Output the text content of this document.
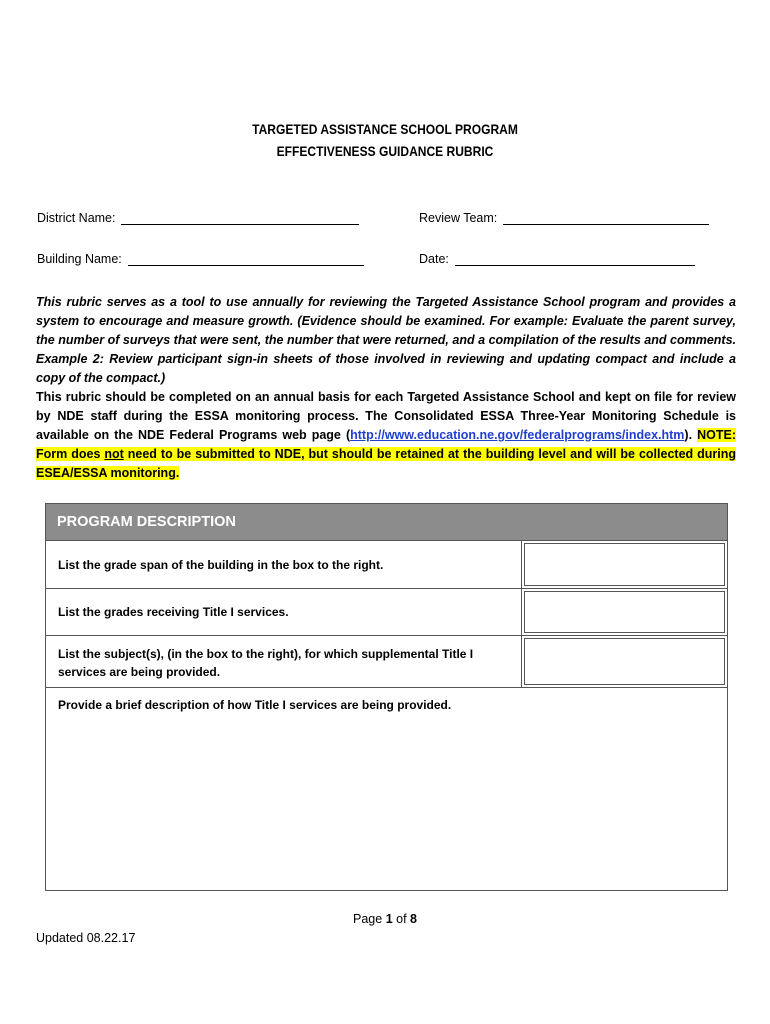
TARGETED ASSISTANCE SCHOOL PROGRAM
EFFECTIVENESS GUIDANCE RUBRIC
District Name:	Review Team:
Building Name:	Date:
This rubric serves as a tool to use annually for reviewing the Targeted Assistance School program and provides a system to encourage and measure growth. (Evidence should be examined. For example: Evaluate the parent survey, the number of surveys that were sent, the number that were returned, and a compilation of the results and comments. Example 2: Review participant sign-in sheets of those involved in reviewing and updating compact and include a copy of the compact.)
This rubric should be completed on an annual basis for each Targeted Assistance School and kept on file for review by NDE staff during the ESSA monitoring process. The Consolidated ESSA Three-Year Monitoring Schedule is available on the NDE Federal Programs web page (http://www.education.ne.gov/federalprograms/index.htm). NOTE: Form does not need to be submitted to NDE, but should be retained at the building level and will be collected during ESEA/ESSA monitoring.
PROGRAM DESCRIPTION
List the grade span of the building in the box to the right.
List the grades receiving Title I services.
List the subject(s), (in the box to the right), for which supplemental Title I services are being provided.
Provide a brief description of how Title I services are being provided.
Page 1 of 8
Updated 08.22.17
